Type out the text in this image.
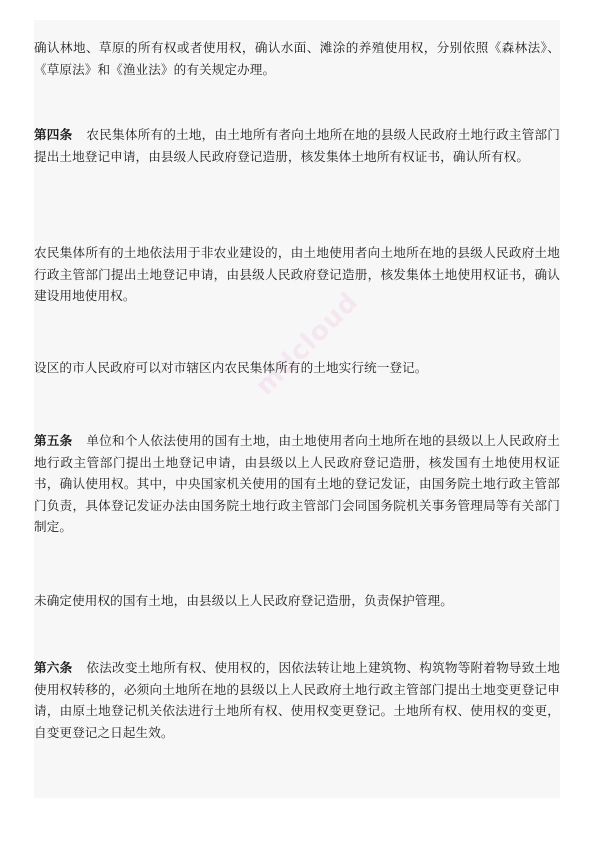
mdcloud

确认林地、草原的所有权或者使用权，确认水面、滩涂的养殖使用权，分别依照《森林法》、《草原法》和《渔业法》的有关规定办理。

第四条 农民集体所有的土地，由土地所有者向土地所在地的县级人民政府土地行政主管部门提出土地登记申请，由县级人民政府登记造册，核发集体土地所有权证书，确认所有权。

农民集体所有的土地依法用于非农业建设的，由土地使用者向土地所在地的县级人民政府土地行政主管部门提出土地登记申请，由县级人民政府登记造册，核发集体土地使用权证书，确认建设用地使用权。

设区的市人民政府可以对市辖区内农民集体所有的土地实行统一登记。

第五条 单位和个人依法使用的国有土地，由土地使用者向土地所在地的县级以上人民政府土地行政主管部门提出土地登记申请，由县级以上人民政府登记造册，核发国有土地使用权证书，确认使用权。其中，中央国家机关使用的国有土地的登记发证，由国务院土地行政主管部门负责，具体登记发证办法由国务院土地行政主管部门会同国务院机关事务管理局等有关部门制定。

未确定使用权的国有土地，由县级以上人民政府登记造册，负责保护管理。

第六条 依法改变土地所有权、使用权的，因依法转让地上建筑物、构筑物等附着物导致土地使用权转移的，必须向土地所在地的县级以上人民政府土地行政主管部门提出土地变更登记申请，由原土地登记机关依法进行土地所有权、使用权变更登记。土地所有权、使用权的变更，自变更登记之日起生效。
